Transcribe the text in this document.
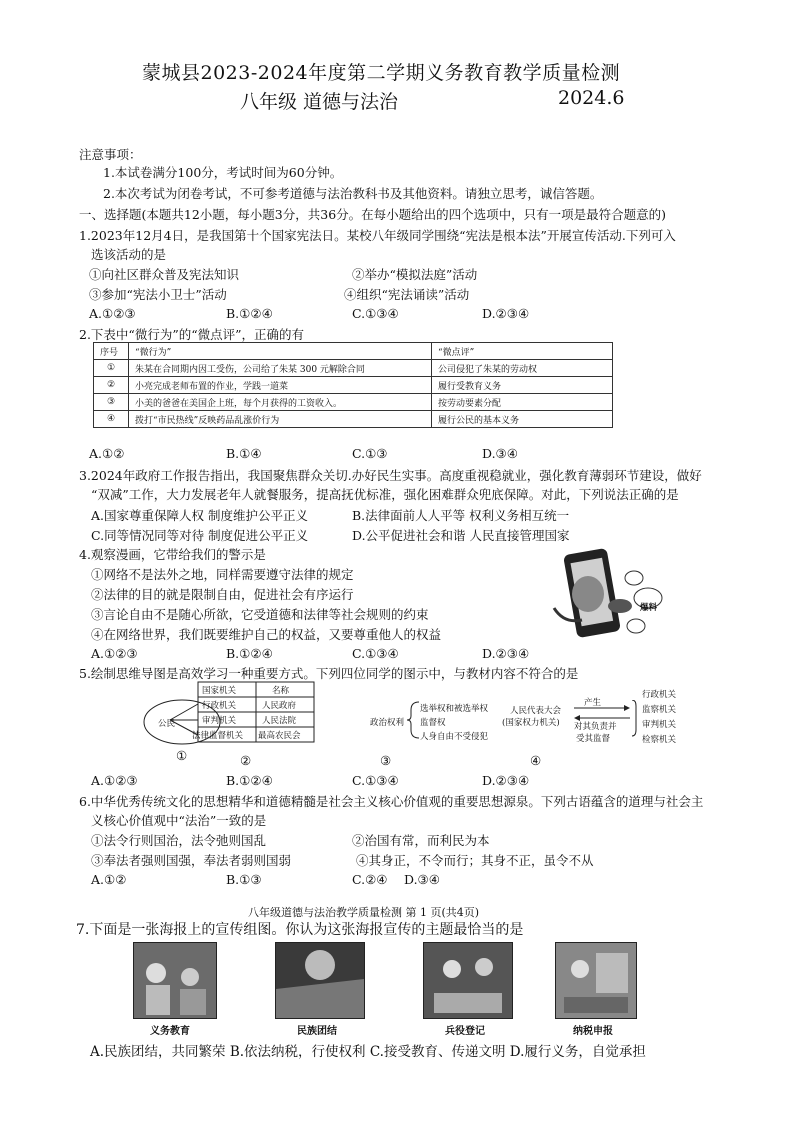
蒙城县2023-2024年度第二学期义务教育教学质量检测
八年级 道德与法治	2024.6
注意事项：
1.本试卷满分100分，考试时间为60分钟。
2.本次考试为闭卷考试，不可参考道德与法治教科书及其他资料。请独立思考，诚信答题。
一、选择题(本题共12小题，每小题3分，共36分。在每小题给出的四个选项中，只有一项是最符合题意的)
1.2023年12月4日，是我国第十个国家宪法日。某校八年级同学围绕“宪法是根本法”开展宣传活动.下列可入
选该活动的是
①向社区群众普及宪法知识	②举办“模拟法庭”活动
③参加“宪法小卫士”活动	④组织“宪法诵读”活动
A.①②③	B.①②④	C.①③④	D.②③④
2.下表中“微行为”的“微点评”，正确的有
序号	“微行为”	“微点评”
①	朱某在合同期内因工受伤，公司给了朱某 300 元解除合同	公司侵犯了朱某的劳动权
②	小亮完成老师布置的作业，学践一道菜	履行受教育义务
③	小美的爸爸在美国企上班，每个月获得的工资收入。	按劳动要素分配
④	拨打“市民热线”反映药品乱涨价行为	履行公民的基本义务
A.①②	B.①④	C.①③	D.③④
3.2024年政府工作报告指出，我国聚焦群众关切.办好民生实事。高度重视稳就业，强化教育薄弱环节建设，做好
“双减”工作，大力发展老年人就餐服务，提高抚优标准，强化困难群众兜底保障。对此，下列说法正确的是
A.国家尊重保障人权 制度维护公平正义	B.法律面前人人平等 权利义务相互统一
C.同等情况同等对待 制度促进公平正义	D.公平促进社会和谐 人民直接管理国家
4.观察漫画，它带给我们的警示是
①网络不是法外之地，同样需要遵守法律的规定
②法律的目的就是限制自由，促进社会有序运行
③言论自由不是随心所欲，它受道德和法律等社会规则的约束
④在网络世界，我们既要维护自己的权益，又要尊重他人的权益
爆料
A.①②③	B.①②④	C.①③④	D.②③④
5.绘制思维导图是高效学习一种重要方式。下列四位同学的图示中，与教材内容不符合的是
公民
国家机关	名称
行政机关	人民政府
审判机关	人民法院
法律监督机关 最高农民会
①	②	③	④
政治权利
选举权和被选举权
监督权
人身自由不受侵犯
人民代表大会
(国家权力机关)
产生
对其负责并
受其监督
行政机关
监察机关
审判机关
检察机关
A.①②③	B.①②④	C.①③④	D.②③④
6.中华优秀传统文化的思想精华和道德精髓是社会主义核心价值观的重要思想源泉。下列古语蕴含的道理与社会主
义核心价值观中“法治”一致的是
①法令行则国治，法令弛则国乱	②治国有常，而利民为本
③奉法者强则国强，奉法者弱则国弱	④其身正，不令而行；其身不正，虽令不从
A.①②	B.①③	C.②④ D.③④
八年级道德与法治教学质量检测 第 1 页(共4页)
7.下面是一张海报上的宣传组图。你认为这张海报宣传的主题最恰当的是
义务教育	民族团结	兵役登记	纳税申报
A.民族团结，共同繁荣 B.依法纳税，行使权利 C.接受教育、传递文明 D.履行义务，自觉承担
